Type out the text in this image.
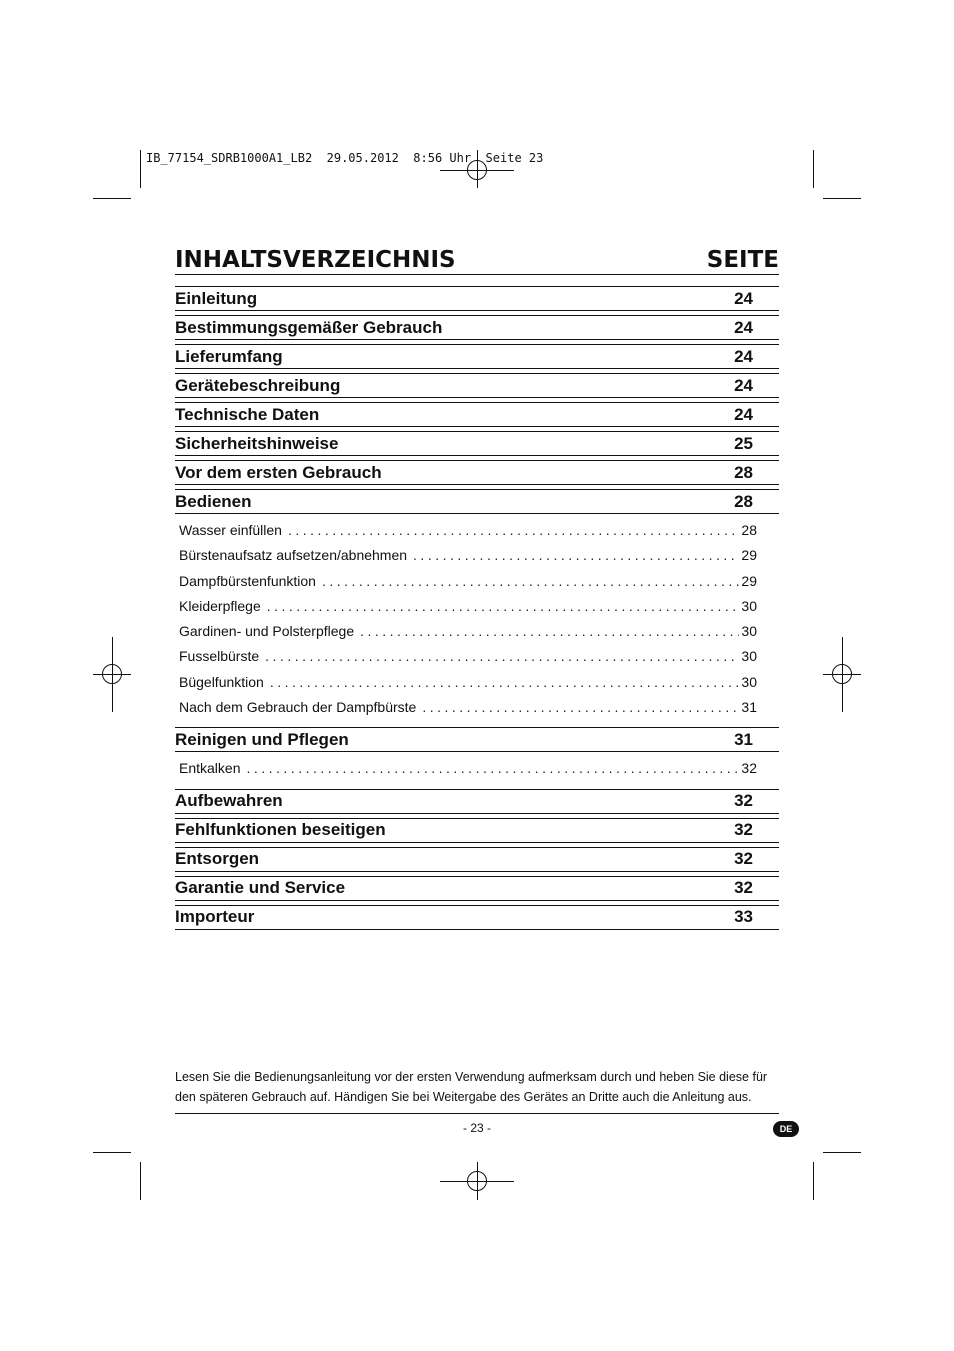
IB_77154_SDRB1000A1_LB2  29.05.2012  8:56 Uhr  Seite 23
INHALTSVERZEICHNIS	SEITE
Einleitung	24
Bestimmungsgemäßer Gebrauch	24
Lieferumfang	24
Gerätebeschreibung	24
Technische Daten	24
Sicherheitshinweise	25
Vor dem ersten Gebrauch	28
Bedienen	28
Wasser einfüllen .....	28
Bürstenaufsatz aufsetzen/abnehmen .....	29
Dampfbürstenfunktion .....	29
Kleiderpflege .....	30
Gardinen- und Polsterpflege .....	30
Fusselbürste .....	30
Bügelfunktion .....	30
Nach dem Gebrauch der Dampfbürste .....	31
Reinigen und Pflegen	31
Entkalken .....	32
Aufbewahren	32
Fehlfunktionen beseitigen	32
Entsorgen	32
Garantie und Service	32
Importeur	33
Lesen Sie die Bedienungsanleitung vor der ersten Verwendung aufmerksam durch und heben Sie diese für den späteren Gebrauch auf. Händigen Sie bei Weitergabe des Gerätes an Dritte auch die Anleitung aus.
- 23 -	DE
